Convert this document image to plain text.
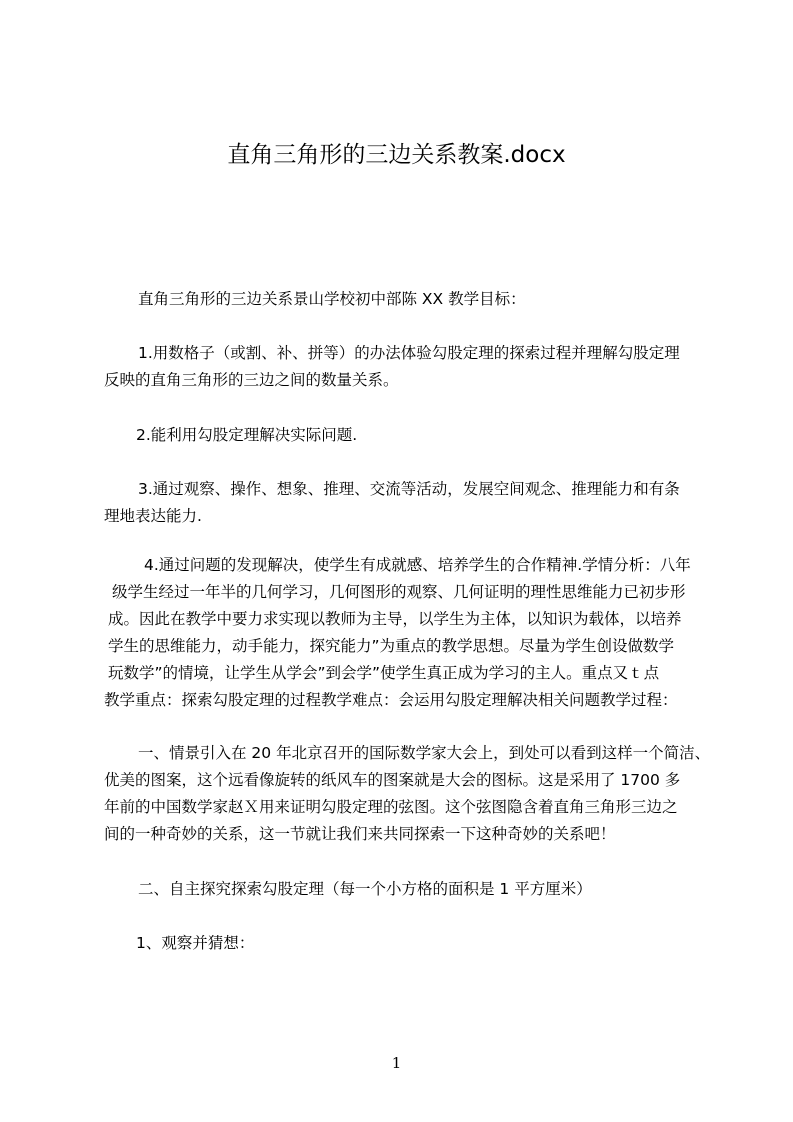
直角三角形的三边关系教案.docx
直角三角形的三边关系景山学校初中部陈 XX 教学目标：
1.用数格子（或割、补、拼等）的办法体验勾股定理的探索过程并理解勾股定理
反映的直角三角形的三边之间的数量关系。
2.能利用勾股定理解决实际问题.
3.通过观察、操作、想象、推理、交流等活动，发展空间观念、推理能力和有条
理地表达能力.
4.通过问题的发现解决，使学生有成就感、培养学生的合作精神.学情分析：八年
级学生经过一年半的几何学习，几何图形的观察、几何证明的理性思维能力已初步形
成。因此在教学中要力求实现以教师为主导，以学生为主体，以知识为载体，以培养
学生的思维能力，动手能力，探究能力”为重点的教学思想。尽量为学生创设做数学
玩数学”的情境，让学生从学会”到会学”使学生真正成为学习的主人。重点又ｔ点
教学重点：探索勾股定理的过程教学难点：会运用勾股定理解决相关问题教学过程：
一、情景引入在 20 年北京召开的国际数学家大会上，到处可以看到这样一个简洁、
优美的图案，这个远看像旋转的纸风车的图案就是大会的图标。这是采用了 1700 多
年前的中国数学家赵Ｘ用来证明勾股定理的弦图。这个弦图隐含着直角三角形三边之
间的一种奇妙的关系，这一节就让我们来共同探索一下这种奇妙的关系吧！
二、自主探究探索勾股定理（每一个小方格的面积是 1 平方厘米）
1、观察并猜想：
1
